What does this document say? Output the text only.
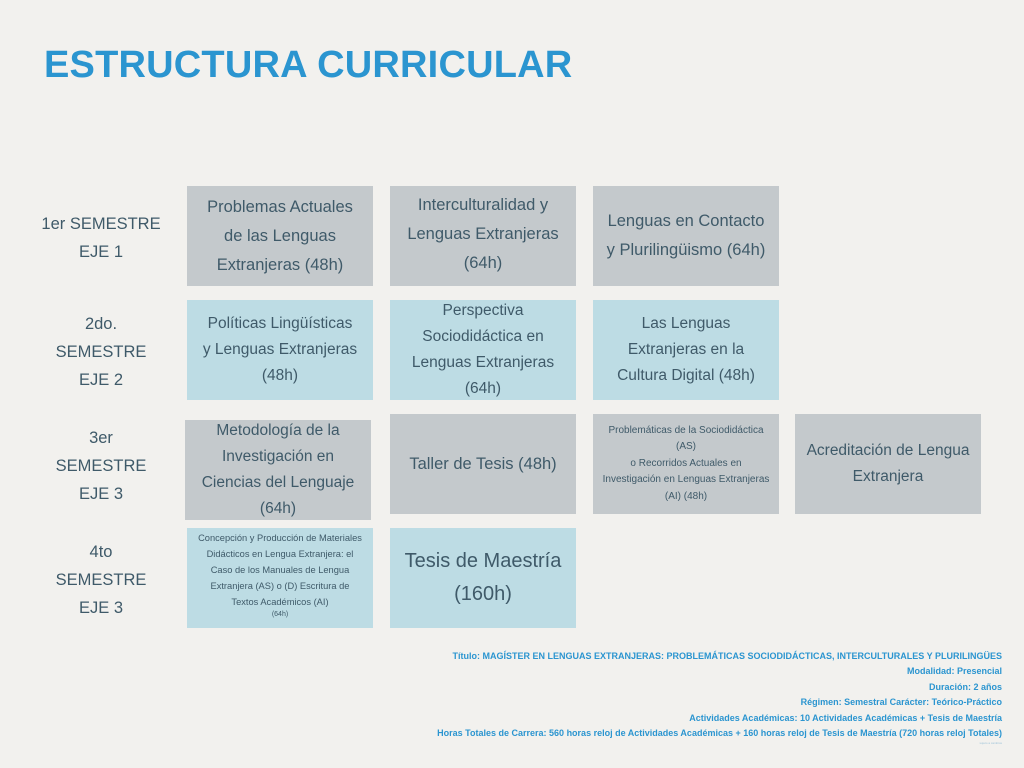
ESTRUCTURA CURRICULAR
1er SEMESTRE
EJE 1
2do.
SEMESTRE
EJE 2
3er
SEMESTRE
EJE 3
4to
SEMESTRE
EJE 3
Problemas Actuales
de las Lenguas
Extranjeras (48h)
Interculturalidad y
Lenguas Extranjeras
(64h)
Lenguas en Contacto
y Plurilingüismo (64h)
Políticas Lingüísticas
y Lenguas Extranjeras
(48h)
Perspectiva
Sociodidáctica en
Lenguas Extranjeras
(64h)
Las Lenguas
Extranjeras en la
Cultura Digital (48h)
Metodología de la
Investigación en
Ciencias del Lenguaje
(64h)
Taller de Tesis (48h)
Problemáticas de la Sociodidáctica
(AS)
o Recorridos Actuales en
Investigación en Lenguas Extranjeras
(AI) (48h)
Acreditación de Lengua
Extranjera
Concepción y Producción de Materiales
Didácticos en Lengua Extranjera: el
Caso de los Manuales de Lengua
Extranjera (AS) o (D) Escritura de
Textos Académicos (AI)
(64h)
Tesis de Maestría
(160h)
Título: MAGÍSTER EN LENGUAS EXTRANJERAS: PROBLEMÁTICAS SOCIODIDÁCTICAS, INTERCULTURALES Y PLURILINGÜES
Modalidad: Presencial
Duración: 2 años
Régimen: Semestral Carácter: Teórico-Práctico
Actividades Académicas: 10 Actividades Académicas + Tesis de Maestría
Horas Totales de Carrera: 560 horas reloj de Actividades Académicas + 160 horas reloj de Tesis de Maestría (720 horas reloj Totales)
sujeto a cambios
